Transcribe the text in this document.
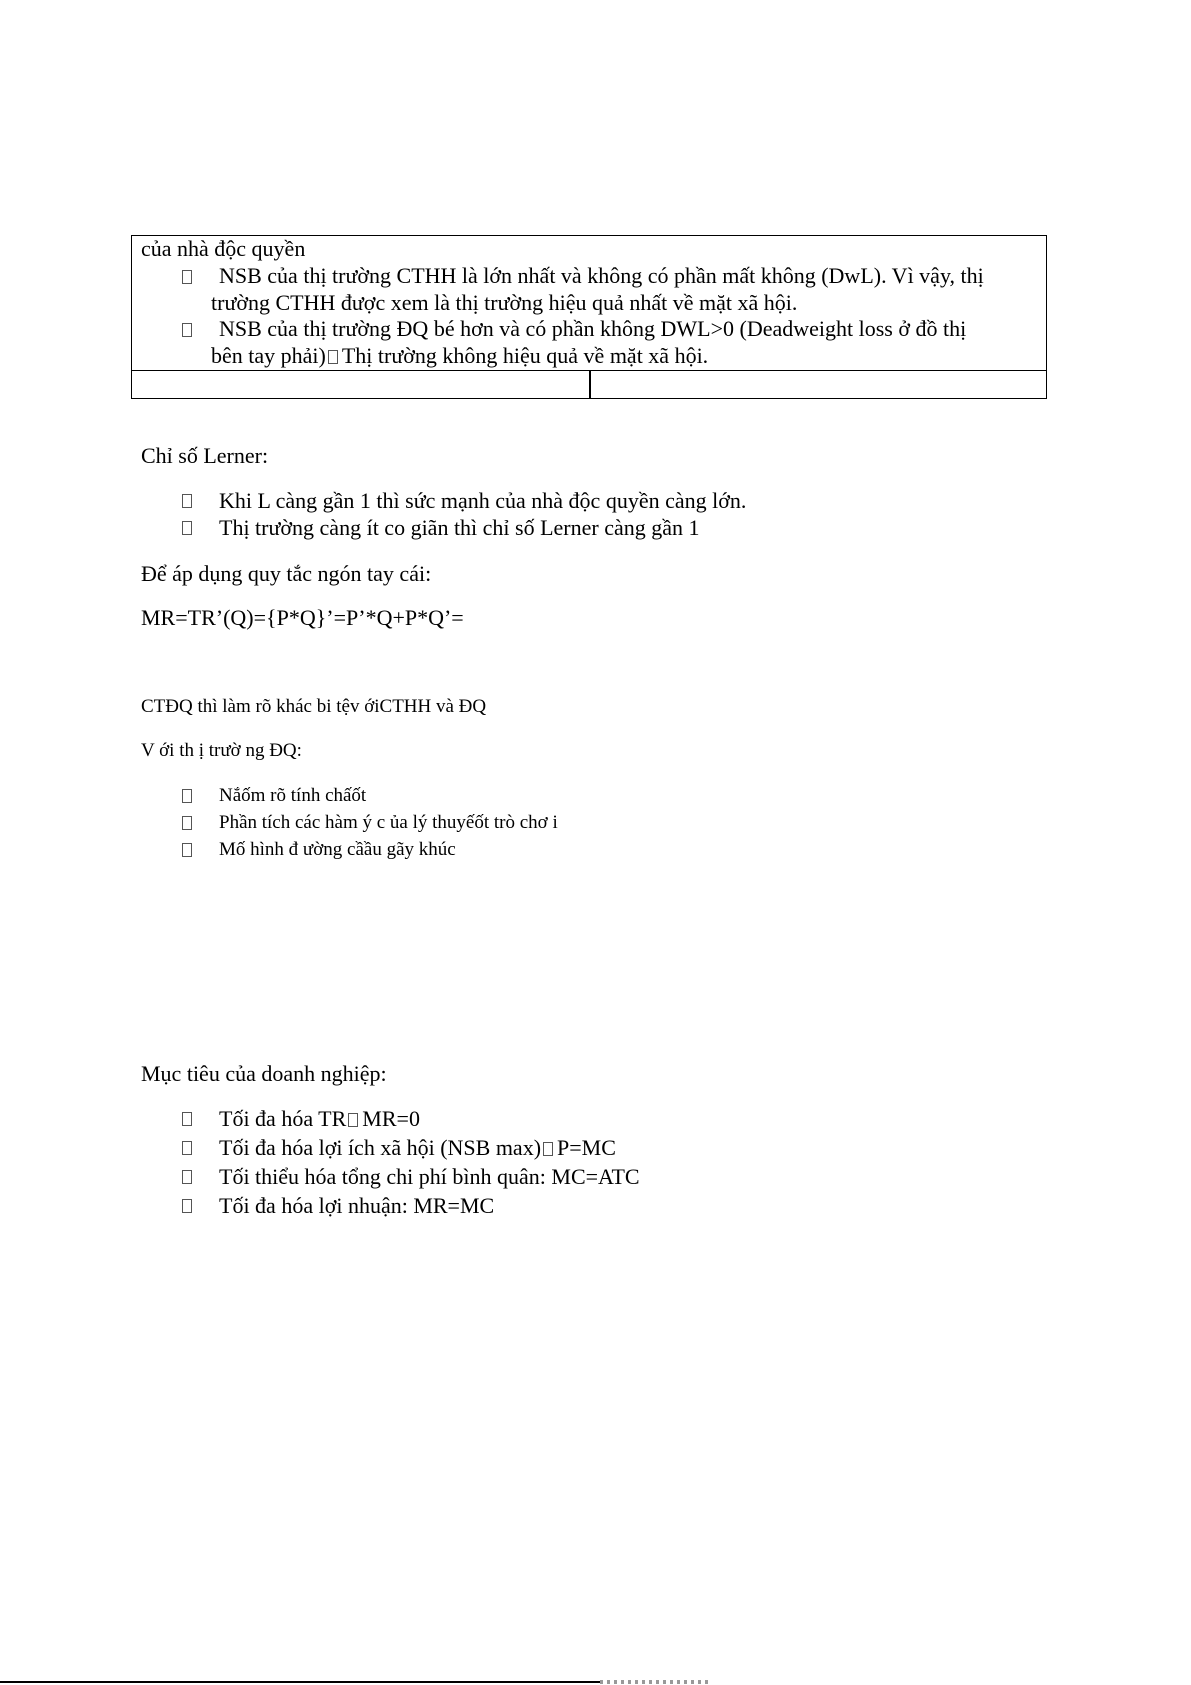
của nhà độc quyền
NSB của thị trường CTHH là lớn nhất và không có phần mất không (DwL). Vì vậy, thị
trường CTHH được xem là thị trường hiệu quả nhất về mặt xã hội.
NSB của thị trường ĐQ bé hơn và có phần không DWL>0 (Deadweight loss ở đồ thị
bên tay phải) Thị trường không hiệu quả về mặt xã hội.
Chỉ số Lerner:
Khi L càng gần 1 thì sức mạnh của nhà độc quyền càng lớn.
Thị trường càng ít co giãn thì chỉ số Lerner càng gần 1
Để áp dụng quy tắc ngón tay cái:
MR=TR’(Q)={P*Q}’=P’*Q+P*Q’=
CTĐQ thì làm rõ khác bi tệv ớiCTHH và ĐQ
V ới th ị trườ ng ĐQ:
Nắốm rõ tính chấốt
Phần tích các hàm ý c ủa lý thuyếốt trò chơ i
Mố hình đ ường cầầu gãy khúc
Mục tiêu của doanh nghiệp:
Tối đa hóa TR MR=0
Tối đa hóa lợi ích xã hội (NSB max) P=MC
Tối thiểu hóa tổng chi phí bình quân: MC=ATC
Tối đa hóa lợi nhuận: MR=MC
